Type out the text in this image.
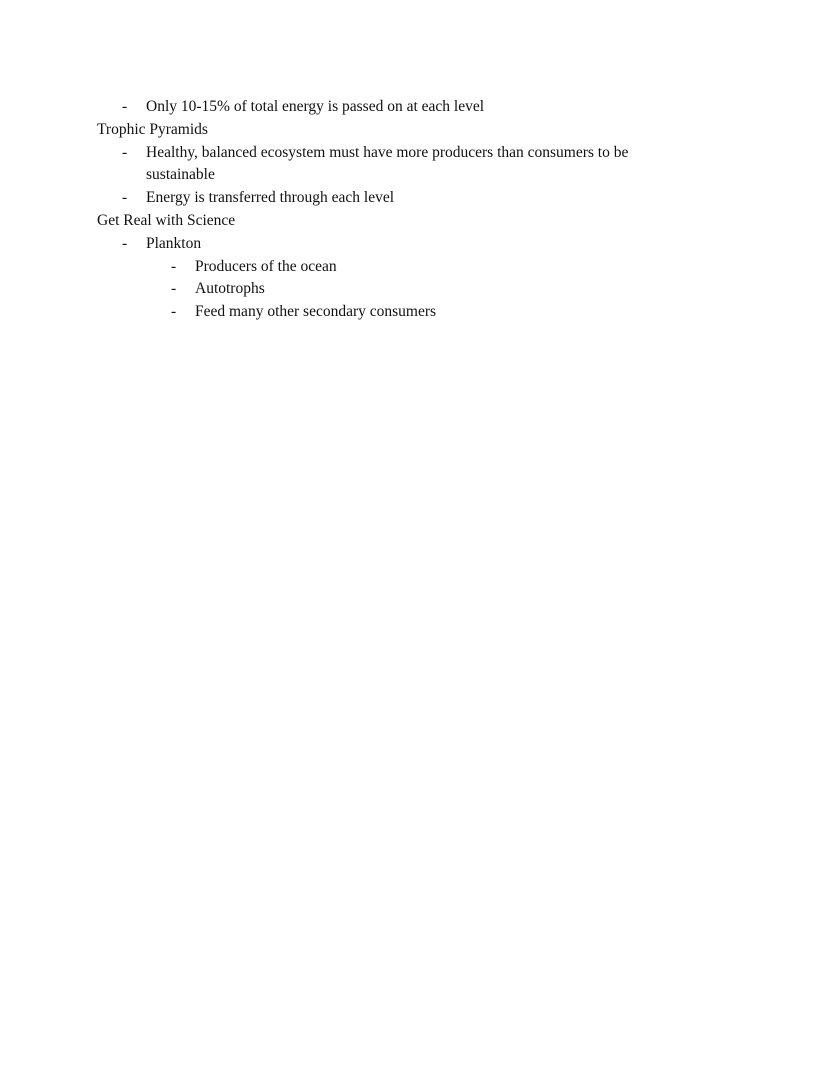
- Only 10-15% of total energy is passed on at each level
Trophic Pyramids
- Healthy, balanced ecosystem must have more producers than consumers to be sustainable
- Energy is transferred through each level
Get Real with Science
- Plankton
- Producers of the ocean
- Autotrophs
- Feed many other secondary consumers
